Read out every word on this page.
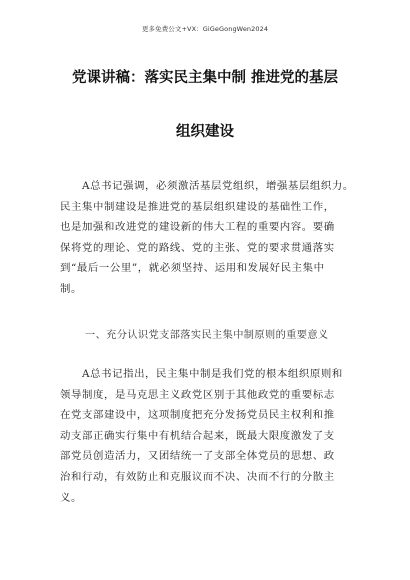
更多免费公文+VX：GiGeGongWen2024
党课讲稿：落实民主集中制 推进党的基层
组织建设
A总书记强调，必须激活基层党组织，增强基层组织力。
民主集中制建设是推进党的基层组织建设的基础性工作，
也是加强和改进党的建设新的伟大工程的重要内容。要确
保将党的理论、党的路线、党的主张、党的要求贯通落实
到“最后一公里”，就必须坚持、运用和发展好民主集中
制。
一、充分认识党支部落实民主集中制原则的重要意义
A总书记指出，民主集中制是我们党的根本组织原则和
领导制度，是马克思主义政党区别于其他政党的重要标志
在党支部建设中，这项制度把充分发扬党员民主权利和推
动支部正确实行集中有机结合起来，既最大限度激发了支
部党员创造活力，又团结统一了支部全体党员的思想、政
治和行动，有效防止和克服议而不决、决而不行的分散主
义。
